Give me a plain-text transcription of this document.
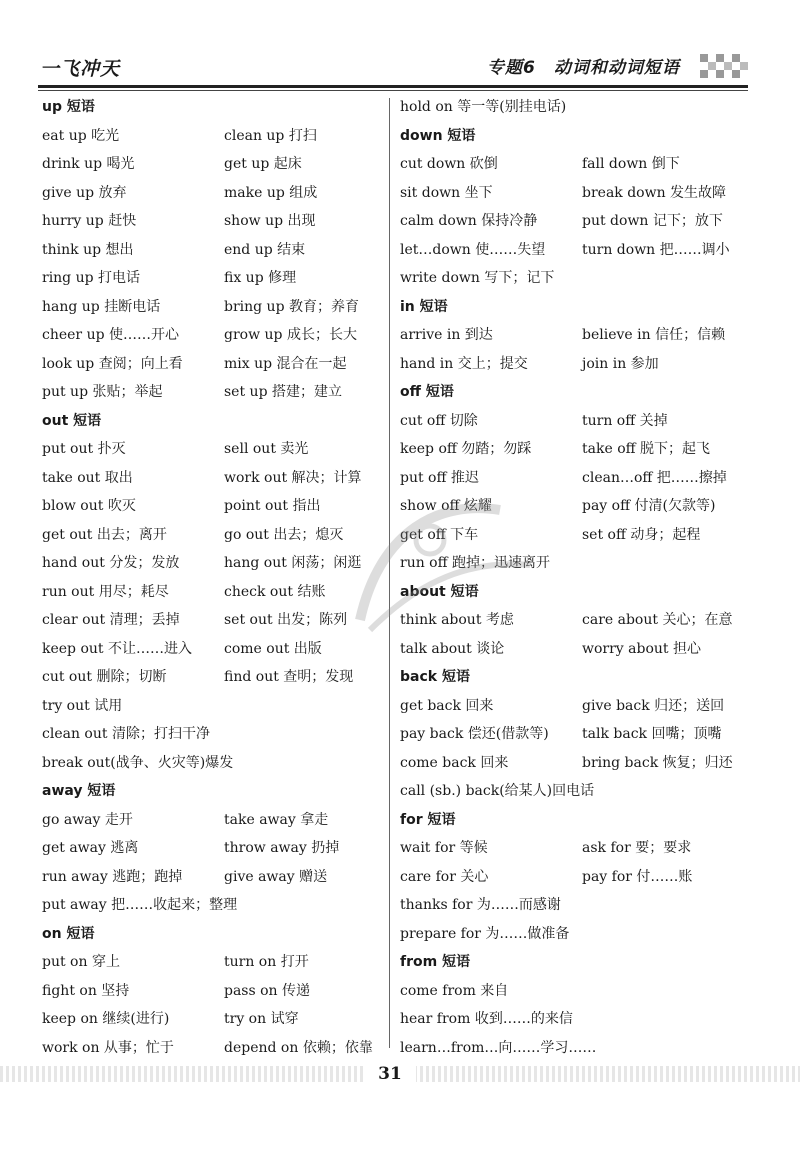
一飞冲天	专题6　动词和动词短语
up 短语
eat up 吃光	clean up 打扫
drink up 喝光	get up 起床
give up 放弃	make up 组成
hurry up 赶快	show up 出现
think up 想出	end up 结束
ring up 打电话	fix up 修理
hang up 挂断电话	bring up 教育；养育
cheer up 使……开心	grow up 成长；长大
look up 查阅；向上看	mix up 混合在一起
put up 张贴；举起	set up 搭建；建立
out 短语
put out 扑灭	sell out 卖光
take out 取出	work out 解决；计算
blow out 吹灭	point out 指出
get out 出去；离开	go out 出去；熄灭
hand out 分发；发放	hang out 闲荡；闲逛
run out 用尽；耗尽	check out 结账
clear out 清理；丢掉	set out 出发；陈列
keep out 不让……进入 come out 出版
cut out 删除；切断	find out 查明；发现
try out 试用
clean out 清除；打扫干净
break out(战争、火灾等)爆发
away 短语
go away 走开	take away 拿走
get away 逃离	throw away 扔掉
run away 逃跑；跑掉	give away 赠送
put away 把……收起来；整理
on 短语
put on 穿上	turn on 打开
fight on 坚持	pass on 传递
keep on 继续(进行)	try on 试穿
work on 从事；忙于	depend on 依赖；依靠
hold on 等一等(别挂电话)
down 短语
cut down 砍倒	fall down 倒下
sit down 坐下	break down 发生故障
calm down 保持冷静	put down 记下；放下
let…down 使……失望	turn down 把……调小
write down 写下；记下
in 短语
arrive in 到达	believe in 信任；信赖
hand in 交上；提交	join in 参加
off 短语
cut off 切除	turn off 关掉
keep off 勿踏；勿踩	take off 脱下；起飞
put off 推迟	clean…off 把……擦掉
show off 炫耀	pay off 付清(欠款等)
get off 下车	set off 动身；起程
run off 跑掉；迅速离开
about 短语
think about 考虑	care about 关心；在意
talk about 谈论	worry about 担心
back 短语
get back 回来	give back 归还；送回
pay back 偿还(借款等) talk back 回嘴；顶嘴
come back 回来	bring back 恢复；归还
call (sb.) back(给某人)回电话
for 短语
wait for 等候	ask for 要；要求
care for 关心	pay for 付……账
thanks for 为……而感谢
prepare for 为……做准备
from 短语
come from 来自
hear from 收到……的来信
learn…from…向……学习……
31
